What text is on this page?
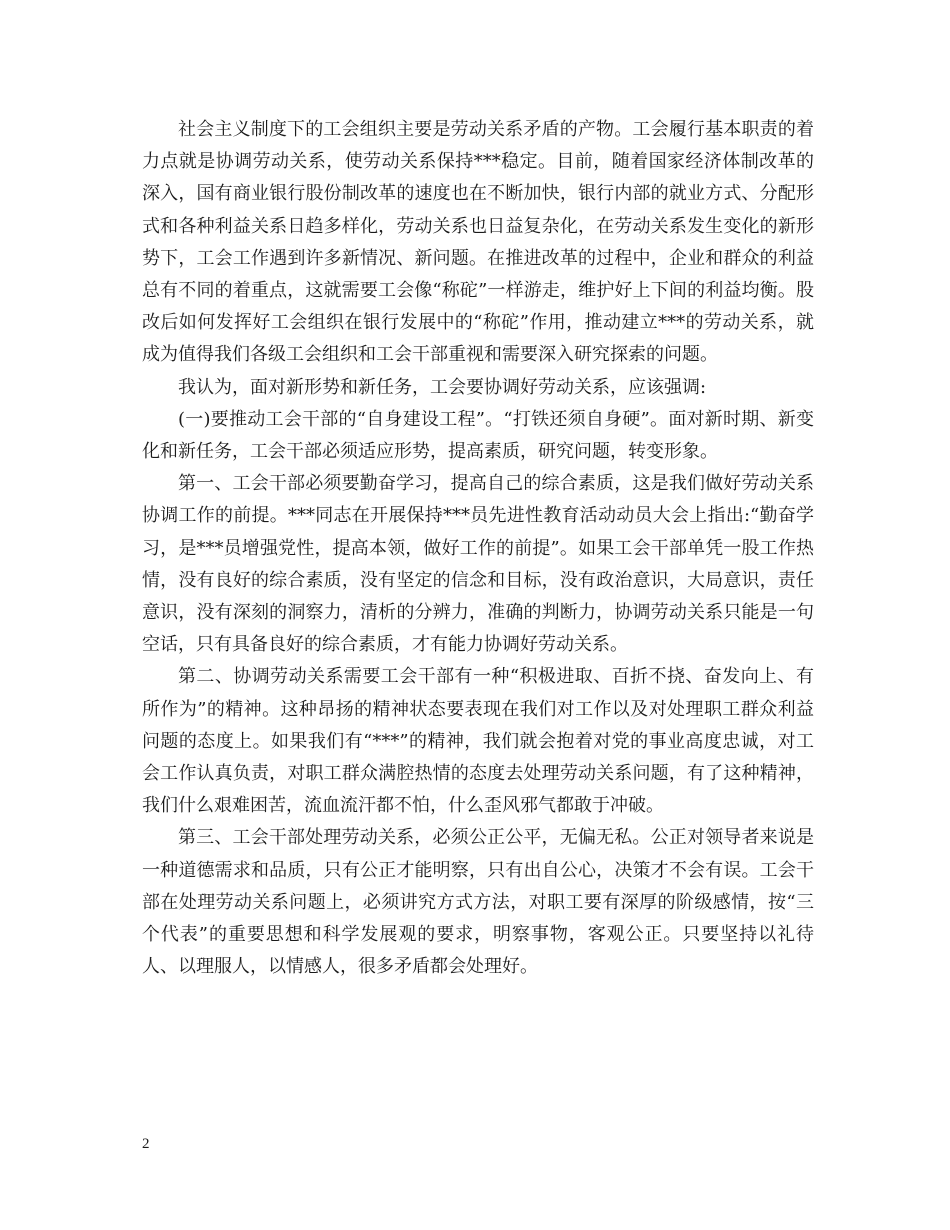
社会主义制度下的工会组织主要是劳动关系矛盾的产物。工会履行基本职责的着力点就是协调劳动关系，使劳动关系保持***稳定。目前，随着国家经济体制改革的深入，国有商业银行股份制改革的速度也在不断加快，银行内部的就业方式、分配形式和各种利益关系日趋多样化，劳动关系也日益复杂化，在劳动关系发生变化的新形势下，工会工作遇到许多新情况、新问题。在推进改革的过程中，企业和群众的利益总有不同的着重点，这就需要工会像“称砣”一样游走，维护好上下间的利益均衡。股改后如何发挥好工会组织在银行发展中的“称砣”作用，推动建立***的劳动关系，就成为值得我们各级工会组织和工会干部重视和需要深入研究探索的问题。

我认为，面对新形势和新任务，工会要协调好劳动关系，应该强调:

(一)要推动工会干部的“自身建设工程”。“打铁还须自身硬”。面对新时期、新变化和新任务，工会干部必须适应形势，提高素质，研究问题，转变形象。

第一、工会干部必须要勤奋学习，提高自己的综合素质，这是我们做好劳动关系协调工作的前提。***同志在开展保持***员先进性教育活动动员大会上指出:“勤奋学习，是***员增强党性，提高本领，做好工作的前提”。如果工会干部单凭一股工作热情，没有良好的综合素质，没有坚定的信念和目标，没有政治意识，大局意识，责任意识，没有深刻的洞察力，清析的分辨力，准确的判断力，协调劳动关系只能是一句空话，只有具备良好的综合素质，才有能力协调好劳动关系。

第二、协调劳动关系需要工会干部有一种“积极进取、百折不挠、奋发向上、有所作为”的精神。这种昂扬的精神状态要表现在我们对工作以及对处理职工群众利益问题的态度上。如果我们有“***”的精神，我们就会抱着对党的事业高度忠诚，对工会工作认真负责，对职工群众满腔热情的态度去处理劳动关系问题，有了这种精神，我们什么艰难困苦，流血流汗都不怕，什么歪风邪气都敢于冲破。

第三、工会干部处理劳动关系，必须公正公平，无偏无私。公正对领导者来说是一种道德需求和品质，只有公正才能明察，只有出自公心，决策才不会有误。工会干部在处理劳动关系问题上，必须讲究方式方法，对职工要有深厚的阶级感情，按“三个代表”的重要思想和科学发展观的要求，明察事物，客观公正。只要坚持以礼待人、以理服人，以情感人，很多矛盾都会处理好。

2
